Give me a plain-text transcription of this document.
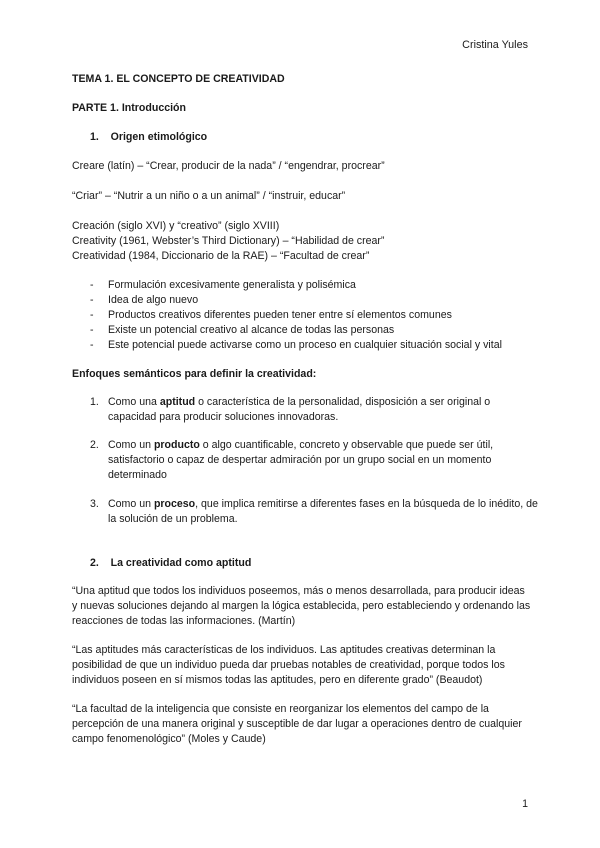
Cristina Yules
TEMA 1. EL CONCEPTO DE CREATIVIDAD
PARTE 1. Introducción
1. Origen etimológico
Creare (latín) – “Crear, producir de la nada” / “engendrar, procrear”
“Criar” – “Nutrir a un niño o a un animal” / “instruir, educar”
Creación (siglo XVI) y “creativo” (siglo XVIII)
Creativity (1961, Webster’s Third Dictionary) – “Habilidad de crear”
Creatividad (1984, Diccionario de la RAE) – “Facultad de crear”
- Formulación excesivamente generalista y polisémica
- Idea de algo nuevo
- Productos creativos diferentes pueden tener entre sí elementos comunes
- Existe un potencial creativo al alcance de todas las personas
- Este potencial puede activarse como un proceso en cualquier situación social y vital
Enfoques semánticos para definir la creatividad:
1. Como una aptitud o característica de la personalidad, disposición a ser original o capacidad para producir soluciones innovadoras.
2. Como un producto o algo cuantificable, concreto y observable que puede ser útil, satisfactorio o capaz de despertar admiración por un grupo social en un momento determinado
3. Como un proceso, que implica remitirse a diferentes fases en la búsqueda de lo inédito, de la solución de un problema.
2. La creatividad como aptitud
“Una aptitud que todos los individuos poseemos, más o menos desarrollada, para producir ideas y nuevas soluciones dejando al margen la lógica establecida, pero estableciendo y ordenando las reacciones de todas las informaciones. (Martín)
“Las aptitudes más características de los individuos. Las aptitudes creativas determinan la posibilidad de que un individuo pueda dar pruebas notables de creatividad, porque todos los individuos poseen en sí mismos todas las aptitudes, pero en diferente grado” (Beaudot)
“La facultad de la inteligencia que consiste en reorganizar los elementos del campo de la percepción de una manera original y susceptible de dar lugar a operaciones dentro de cualquier campo fenomenológico” (Moles y Caude)
1
